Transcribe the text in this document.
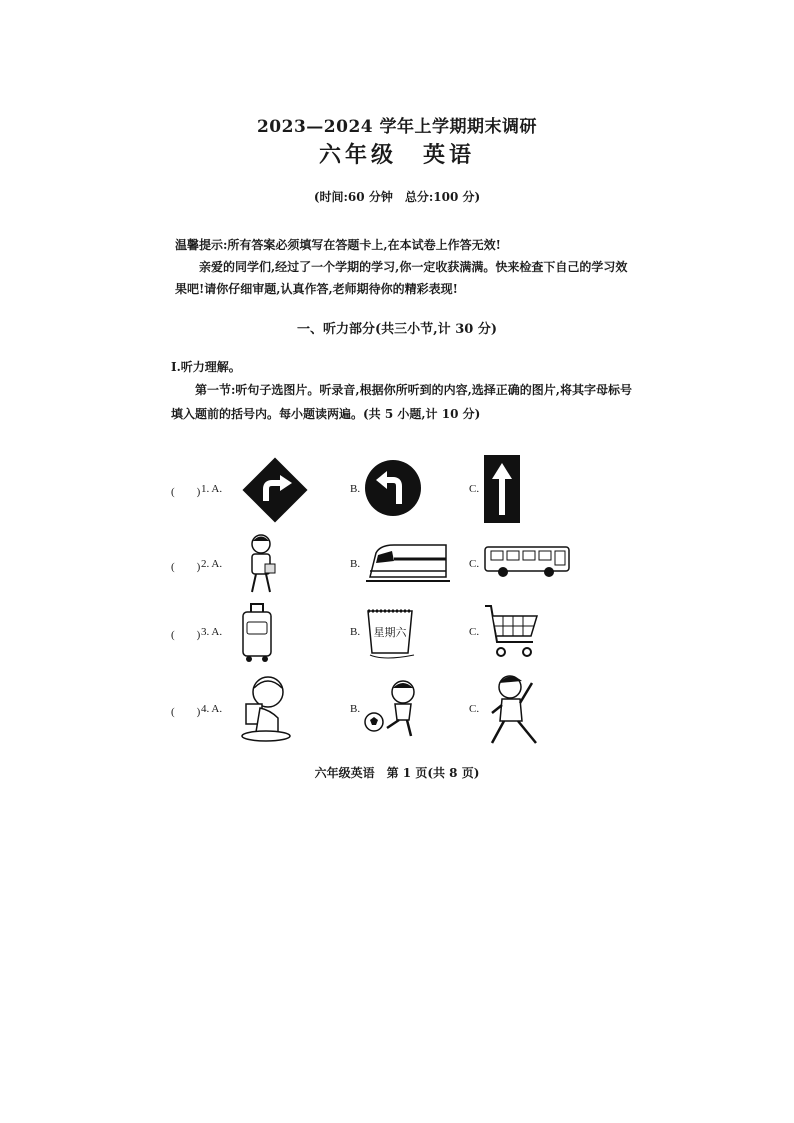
2023—2024 学年上学期期末调研
六年级　英语
(时间:60 分钟　总分:100 分)
温馨提示:所有答案必须填写在答题卡上,在本试卷上作答无效!
亲爱的同学们,经过了一个学期的学习,你一定收获满满。快来检查下自己的学习效果吧!请你仔细审题,认真作答,老师期待你的精彩表现!
一、听力部分(共三小节,计 30 分)
Ⅰ.听力理解。
第一节:听句子选图片。听录音,根据你所听到的内容,选择正确的图片,将其字母标号填入题前的括号内。每小题读两遍。(共 5 小题,计 10 分)
(　　) 1. A.	B.	C.
(　　) 2. A.	B.	C.
(　　) 3. A.	B.	C.
星期六
(　　) 4. A.	B.	C.
六年级英语　第 1 页(共 8 页)
